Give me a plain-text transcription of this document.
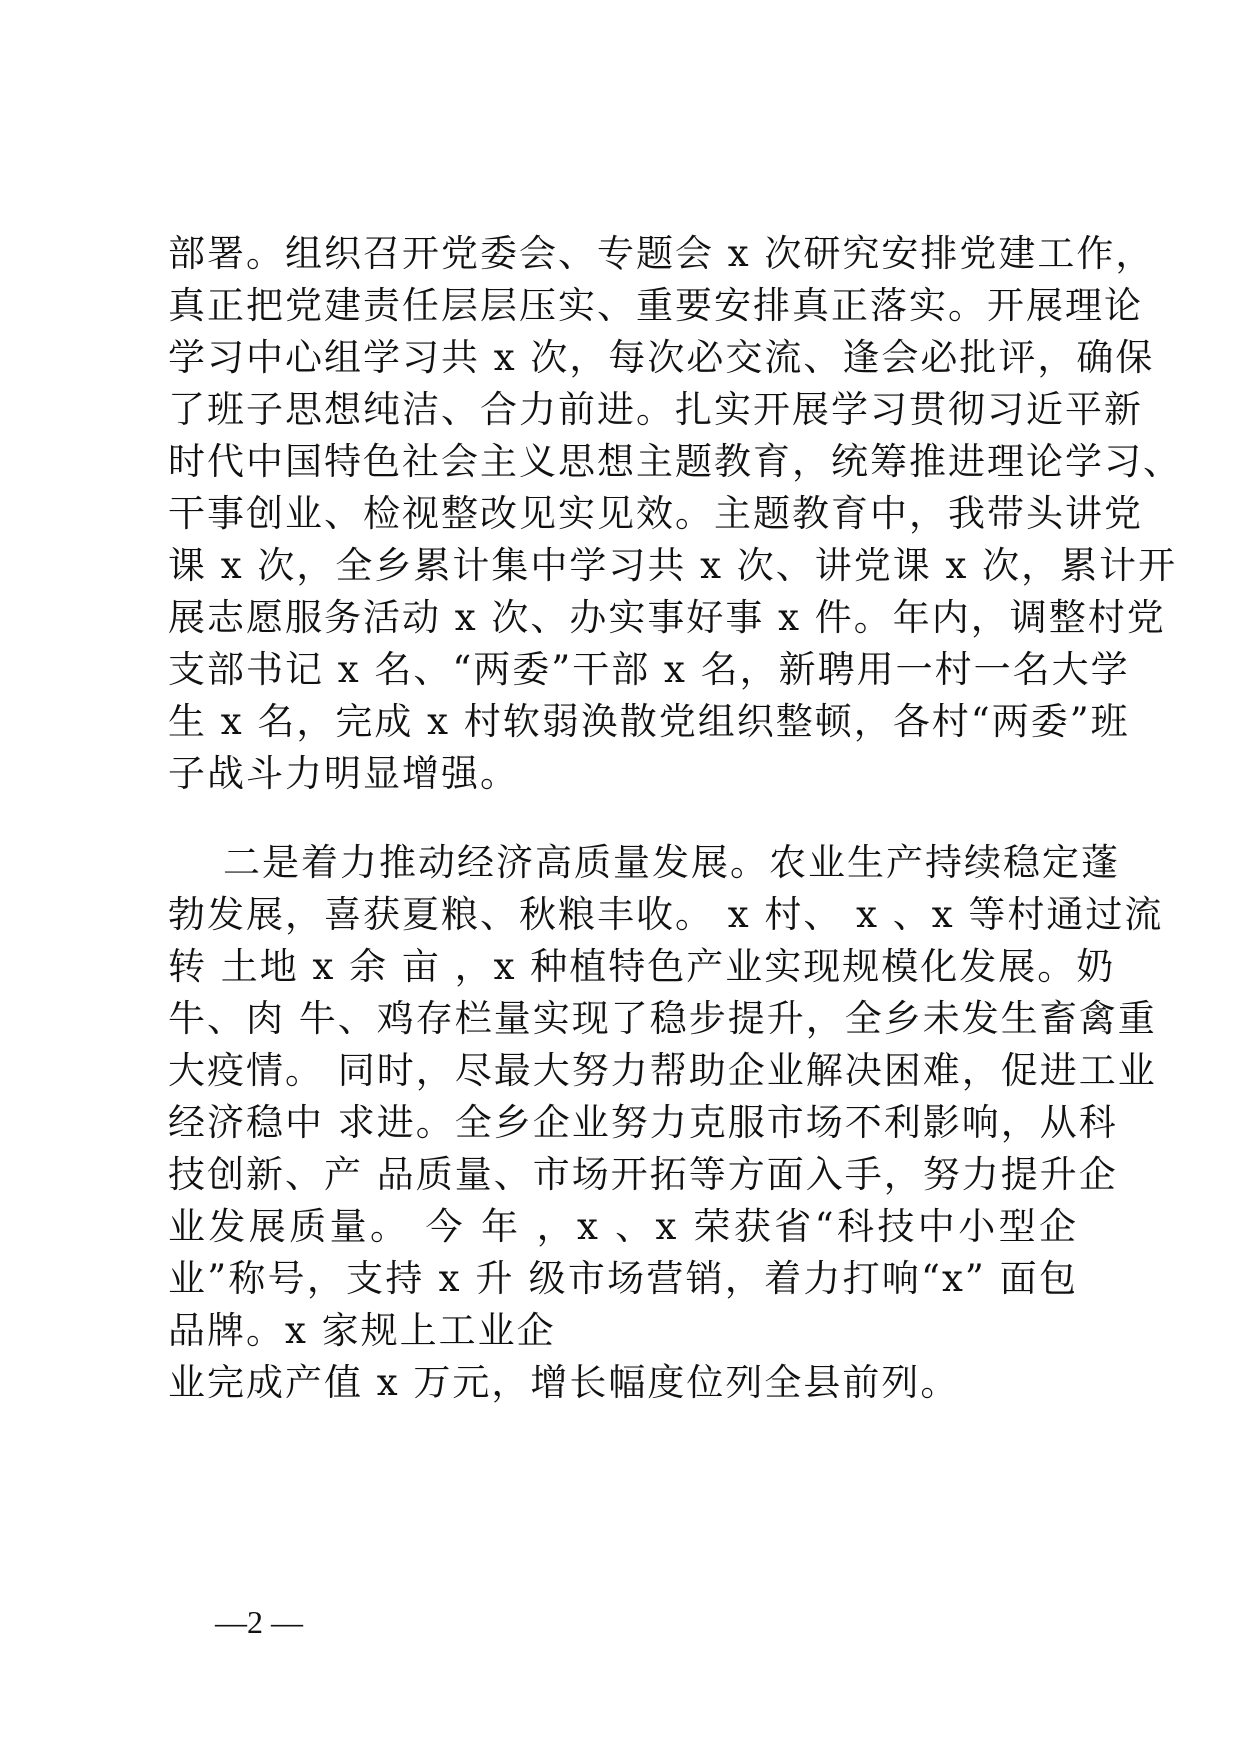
部署。组织召开党委会、专题会 x 次研究安排党建工作，
真正把党建责任层层压实、重要安排真正落实。开展理论
学习中心组学习共 x 次，每次必交流、逢会必批评，确保
了班子思想纯洁、合力前进。扎实开展学习贯彻习近平新
时代中国特色社会主义思想主题教育，统筹推进理论学习、
干事创业、检视整改见实见效。主题教育中，我带头讲党
课 x 次，全乡累计集中学习共 x 次、讲党课 x 次，累计开
展志愿服务活动 x 次、办实事好事 x 件。年内，调整村党
支部书记 x 名、“两委”干部 x 名，新聘用一村一名大学
生 x 名，完成 x 村软弱涣散党组织整顿，各村“两委”班
子战斗力明显增强。
二是着力推动经济高质量发展。农业生产持续稳定蓬
勃发展，喜获夏粮、秋粮丰收。 x 村、 x 、x 等村通过流
转 土地 x 余 亩 ，x 种植特色产业实现规模化发展。奶
牛、肉 牛、鸡存栏量实现了稳步提升，全乡未发生畜禽重
大疫情。 同时，尽最大努力帮助企业解决困难，促进工业
经济稳中 求进。全乡企业努力克服市场不利影响，从科
技创新、产 品质量、市场开拓等方面入手，努力提升企
业发展质量。 今 年 ，x 、x 荣获省“科技中小型企
业”称号，支持 x 升 级市场营销，着力打响“x” 面包
品牌。x 家规上工业企
业完成产值 x 万元，增长幅度位列全县前列。
—2 —
